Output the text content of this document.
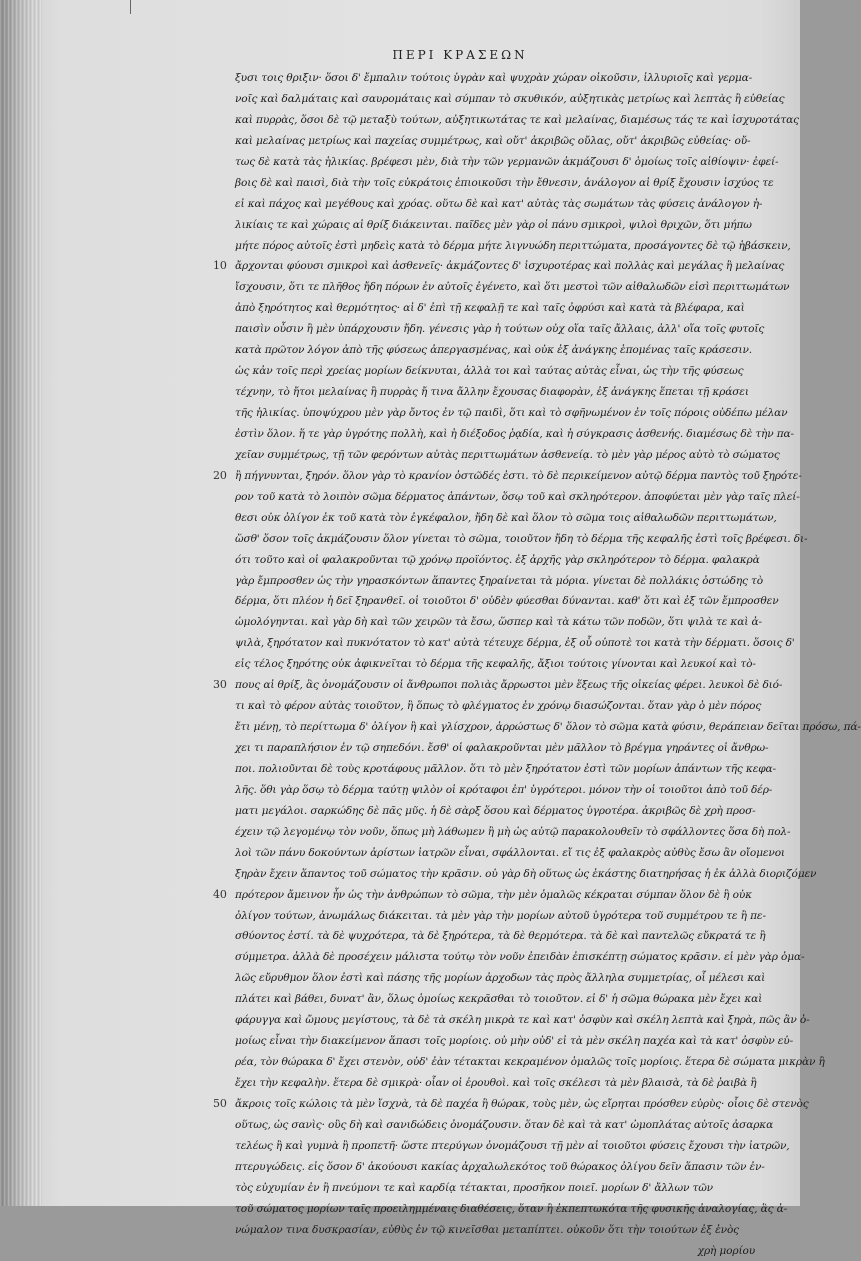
ΠΕΡΙ ΚΡΑΣΕΩΝ
ξυσι τοις θριξιν· ὅσοι δ' ἔμπαλιν τούτοις ὑγρὰν καὶ ψυχρὰν χώραν οἰκοῦσιν, ἰλλυριοῖς καὶ γερμα-
νοῖς καὶ δαλμάταις καὶ σαυρομάταις καὶ σύμπαν τὸ σκυθικόν, αὐξητικὰς μετρίως καὶ λεπτὰς ἢ εὐθείας
καὶ πυρρὰς, ὅσοι δὲ τῷ μεταξὺ τούτων, αὐξητικωτάτας τε καὶ μελαίνας, διαμέσως τάς τε καὶ ἰσχυροτάτας
καὶ μελαίνας μετρίως καὶ παχείας συμμέτρως, καὶ οὔτ' ἀκριβῶς οὔλας, οὔτ' ἀκριβῶς εὐθείας· οὔ-
τως δὲ κατὰ τὰς ἡλικίας. βρέφεσι μὲν, διὰ τὴν τῶν γερμανῶν ἀκμάζουσι δ' ὁμοίως τοῖς αἰθίοψιν· ἐφεί-
βοις δὲ καὶ παισὶ, διὰ τὴν τοῖς εὐκράτοις ἐπιοικοῦσι τὴν ἔθνεσιν, ἀνάλογον αἱ θρίξ ἔχουσιν ἰσχύος τε
εἰ καὶ πάχος καὶ μεγέθους καὶ χρόας. οὕτω δὲ καὶ κατ' αὐτὰς τὰς σωμάτων τὰς φύσεις ἀνάλογον ἡ-
λικίαις τε καὶ χώραις αἱ θρίξ διάκεινται. παῖδες μὲν γὰρ οἱ πάνυ σμικροὶ, ψιλοὶ θριχῶν, ὅτι μήπω
μήτε πόρος αὐτοῖς ἐστὶ μηδεὶς κατὰ τὸ δέρμα μήτε λιγνυώδη περιττώματα, προσάγοντες δὲ τῷ ἡβάσκειν,
10 ἄρχονται φύουσι σμικροὶ καὶ ἀσθενεῖς· ἀκμάζοντες δ' ἰσχυροτέρας καὶ πολλὰς καὶ μεγάλας ἢ μελαίνας
ἴσχουσιν, ὅτι τε πλῆθος ἤδη πόρων ἐν αὐτοῖς ἐγένετο, καὶ ὅτι μεστοὶ τῶν αἰθαλωδῶν εἰσὶ περιττωμάτων
ἀπὸ ξηρότητος καὶ θερμότητος· αἱ δ' ἐπὶ τῇ κεφαλῇ τε καὶ ταῖς ὀφρύσι καὶ κατὰ τὰ βλέφαρα, καὶ
παισὶν οὖσιν ἢ μὲν ὑπάρχουσιν ἤδη. γένεσις γὰρ ἡ τούτων οὐχ οἵα ταῖς ἄλλαις, ἀλλ' οἵα τοῖς φυτοῖς
κατὰ πρῶτον λόγον ἀπὸ τῆς φύσεως ἀπεργασμένας, καὶ οὐκ ἐξ ἀνάγκης ἑπομένας ταῖς κράσεσιν.
ὡς κἀν τοῖς περὶ χρείας μορίων δείκνυται, ἀλλὰ τοι καὶ ταύτας αὐτὰς εἶναι, ὡς τὴν τῆς φύσεως
τέχνην, τὸ ἤτοι μελαίνας ἢ πυρρὰς ἤ τινα ἄλλην ἔχουσας διαφορὰν, ἐξ ἀνάγκης ἕπεται τῇ κράσει
τῆς ἡλικίας. ὑποψύχρου μὲν γὰρ ὄντος ἐν τῷ παιδὶ, ὅτι καὶ τὸ σφῆνωμένον ἐν τοῖς πόροις οὐδέπω μέλαν
ἐστὶν ὅλον. ἥ τε γὰρ ὑγρότης πολλὴ, καὶ ἡ διέξοδος ῥᾳδία, καὶ ἡ σύγκρασις ἀσθενής. διαμέσως δὲ τὴν πα-
χεῖαν συμμέτρως, τῇ τῶν φερόντων αὐτὰς περιττωμάτων ἀσθενείᾳ. τὸ μὲν γὰρ μέρος αὐτὸ τὸ σώματος
20 ἢ πήγνυνται, ξηρόν. ὅλον γὰρ τὸ κρανίον ὀστῶδές ἐστι. τὸ δὲ περικείμενον αὐτῷ δέρμα παντὸς τοῦ ξηρότε-
ρον τοῦ κατὰ τὸ λοιπὸν σῶμα δέρματος ἁπάντων, ὅσῳ τοῦ καὶ σκληρότερον. ἀποφύεται μὲν γὰρ ταῖς πλεί-
θεσι οὐκ ὀλίγον ἐκ τοῦ κατὰ τὸν ἐγκέφαλον, ἤδη δὲ καὶ ὅλον τὸ σῶμα τοις αἰθαλωδῶν περιττωμάτων,
ὥσθ' ὅσον τοῖς ἀκμάζουσιν ὅλον γίνεται τὸ σῶμα, τοιοῦτον ἤδη τὸ δέρμα τῆς κεφαλῆς ἐστὶ τοῖς βρέφεσι. δι-
ότι τοῦτο καὶ οἱ φαλακροῦνται τῷ χρόνῳ προϊόντος. ἐξ ἀρχῆς γὰρ σκληρότερον τὸ δέρμα. φαλακρὰ
γὰρ ἔμπροσθεν ὡς τὴν γηρασκόντων ἅπαντες ξηραίνεται τὰ μόρια. γίνεται δὲ πολλάκις ὀστώδης τὸ
δέρμα, ὅτι πλέον ἡ δεῖ ξηρανθεῖ. οἱ τοιοῦτοι δ' οὐδὲν φύεσθαι δύνανται. καθ' ὅτι καὶ ἐξ τῶν ἔμπροσθεν
ὡμολόγηνται. καὶ γὰρ δὴ καὶ τῶν χειρῶν τὰ ἔσω, ὥσπερ καὶ τὰ κάτω τῶν ποδῶν, ὅτι ψιλὰ τε καὶ ἀ-
ψιλὰ, ξηρότατον καὶ πυκνότατον τὸ κατ' αὐτὰ τέτευχε δέρμα, ἐξ οὗ οὐποτὲ τοι κατὰ τὴν δέρματι. ὅσοις δ'
εἰς τέλος ξηρότης οὐκ ἀφικνεῖται τὸ δέρμα τῆς κεφαλῆς, ἄξιοι τούτοις γίνονται καὶ λευκοί καὶ τὸ-
30 πους αἱ θρίξ, ἃς ὀνομάζουσιν οἱ ἄνθρωποι πολιὰς ἄρρωστοι μὲν ἕξεως τῆς οἰκείας φέρει. λευκοὶ δὲ διό-
τι καὶ τὸ φέρον αὐτὰς τοιοῦτον, ἢ ὅπως τὸ φλέγματος ἐν χρόνῳ διασώζονται. ὅταν γὰρ ὁ μὲν πόρος
ἔτι μένῃ, τὸ περίττωμα δ' ὀλίγον ἢ καὶ γλίσχρον, ἀρρώστως δ' ὅλον τὸ σῶμα κατὰ φύσιν, θεράπειαν δεῖται πρόσω, πά-
χει τι παραπλήσιον ἐν τῷ σηπεδόνι. ἔσθ' οἱ φαλακροῦνται μὲν μᾶλλον τὸ βρέγμα γηράντες οἱ ἄνθρω-
ποι. πολιοῦνται δὲ τοὺς κροτάφους μᾶλλον. ὅτι τὸ μὲν ξηρότατον ἐστὶ τῶν μορίων ἁπάντων τῆς κεφα-
λῆς. ὅθι γὰρ ὅσῳ τὸ δέρμα ταύτῃ ψιλὸν οἱ κρόταφοι ἐπ' ὑγρότεροι. μόνον τὴν οἱ τοιοῦτοι ἀπὸ τοῦ δέρ-
ματι μεγάλοι. σαρκώδης δὲ πᾶς μῦς. ἡ δὲ σὰρξ ὅσου καὶ δέρματος ὑγροτέρα. ἀκριβῶς δὲ χρὴ προσ-
έχειν τῷ λεγομένῳ τὸν νοῦν, ὅπως μὴ λάθωμεν ἢ μὴ ὡς αὐτῷ παρακολουθεῖν τὸ σφάλλοντες ὅσα δὴ πολ-
λοὶ τῶν πάνυ δοκούντων ἀρίστων ἰατρῶν εἶναι, σφάλλονται. εἴ τις ἐξ φαλακρὸς αὐθὺς ἔσω ἂν οἴομενοι
ξηρὰν ἔχειν ἅπαντος τοῦ σώματος τὴν κρᾶσιν. οὐ γὰρ δὴ οὕτως ὡς ἑκάστης διατηρήσας ἡ ἐκ ἀλλὰ διοριζόμεν
40 πρότερον ἄμεινον ἦν ὡς τὴν ἀνθρώπων τὸ σῶμα, τὴν μὲν ὁμαλῶς κέκραται σύμπαν ὅλον δὲ ἢ οὐκ
ὀλίγον τούτων, ἀνωμάλως διάκειται. τὰ μὲν γὰρ τὴν μορίων αὐτοῦ ὑγρότερα τοῦ συμμέτρου τε ἢ πε-
σθύοντος ἐστί. τὰ δὲ ψυχρότερα, τὰ δὲ ξηρότερα, τὰ δὲ θερμότερα. τὰ δὲ καὶ παντελῶς εὔκρατά τε ἢ
σύμμετρα. ἀλλὰ δὲ προσέχειν μάλιστα τούτῳ τὸν νοῦν ἐπειδὰν ἐπισκέπτῃ σώματος κρᾶσιν. εἰ μὲν γὰρ ὁμα-
λῶς εὔρυθμον ὅλον ἐστὶ καὶ πάσης τῆς μορίων ἀρχοδων τὰς πρὸς ἄλληλα συμμετρίας, οἷ μέλεσι καὶ
πλάτει καὶ βάθει, δυνατ' ἂν, ὅλως ὁμοίως κεκρᾶσθαι τὸ τοιοῦτον. εἰ δ' ἡ σῶμα θώρακα μὲν ἔχει καὶ
φάρυγγα καὶ ὤμους μεγίστους, τὰ δὲ τὰ σκέλη μικρὰ τε καὶ κατ' ὀσφὺν καὶ σκέλη λεπτὰ καὶ ξηρὰ, πῶς ἂν ὁ-
μοίως εἶναι τὴν διακείμενον ἅπασι τοῖς μορίοις. οὐ μὴν οὐδ' εἰ τὰ μὲν σκέλη παχέα καὶ τὰ κατ' ὀσφὺν εὐ-
ρέα, τὸν θώρακα δ' ἔχει στενὸν, οὐδ' ἐὰν τέτακται κεκραμένον ὁμαλῶς τοῖς μορίοις. ἕτερα δὲ σώματα μικρὰν ἢ
ἔχει τὴν κεφαλὴν. ἕτερα δὲ σμικρὰ· οἷαν οἱ ἐρουθοὶ. καὶ τοῖς σκέλεσι τὰ μὲν βλαισὰ, τὰ δὲ ῥαιβὰ ἢ
50 ἄκροις τοῖς κώλοις τὰ μὲν ἴσχνὰ, τὰ δὲ παχέα ἢ θώρακ, τοὺς μὲν, ὡς εἴρηται πρόσθεν εὐρὺς· οἷοις δὲ στενὸς
οὕτως, ὡς σανὶς· οὓς δὴ καὶ σανιδώδεις ὀνομάζουσιν. ὅταν δὲ καὶ τὰ κατ' ὠμοπλάτας αὐτοῖς ἀσαρκα
τελέως ἢ καὶ γυμνὰ ἢ προπετῆ· ὥστε πτερύγων ὀνομάζουσι τῇ μὲν αἱ τοιοῦτοι φύσεις ἔχουσι τὴν ἰατρῶν,
πτερυγώδεις. εἰς ὅσον δ' ἀκούουσι κακίας ἀρχαλωλεκότος τοῦ θώρακος ὀλίγου δεῖν ἅπασιν τῶν ἐν-
τὸς εὐχυμίαν ἐν ἢ πνεύμονι τε καὶ καρδίᾳ τέτακται, προσῆκον ποιεῖ. μορίων δ' ἄλλων τῶν
τοῦ σώματος μορίων ταῖς προειλημμέναις διαθέσεις, ὅταν ἢ ἐκπεπτωκότα τῆς φυσικῆς ἀναλογίας, ἃς ἀ-
νώμαλον τινα δυσκρασίαν, εὐθὺς ἐν τῷ κινεῖσθαι μεταπίπτει. οὐκοῦν ὅτι τὴν τοιούτων ἐξ ἑνὸς
χρὴ μορίου
